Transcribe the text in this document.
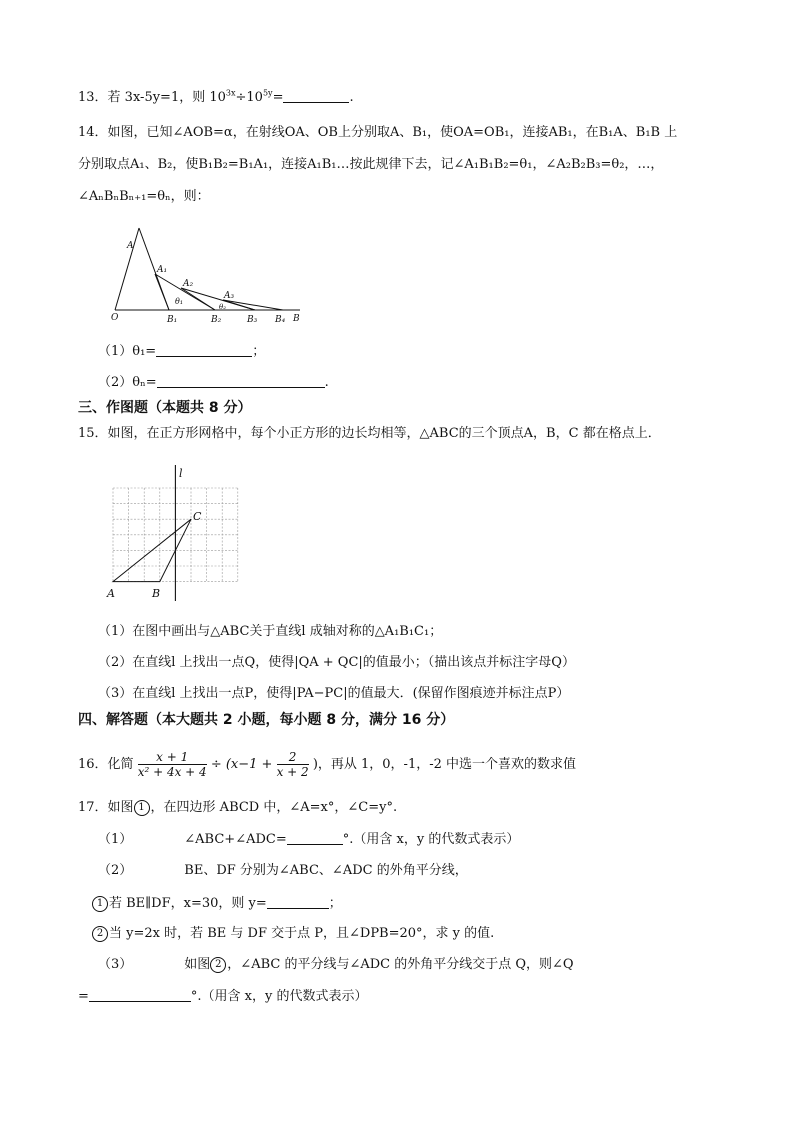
13．若 3x-5y=1，则 $10^{3x}\div 10^{5y}=$	.
14．如图，已知∠AOB=α，在射线OA、OB上分别取A、B₁，使OA=OB₁，连接AB₁，在B₁A、B₁B 上
分别取点A₁、B₂，使B₁B₂=B₁A₁，连接A₁B₁…按此规律下去，记∠A₁B₁B₂=θ₁，∠A₂B₂B₃=θ₂，…，
∠AₙBₙBₙ₊₁=θₙ，则：
A
A₁
A₂
A₃
θ₁
θ₂
O	B₁	B₂	B₃ B₄ B
（1）θ₁=	；
（2）θₙ=	.
三、作图题（本题共 8 分）
15．如图，在正方形网格中，每个小正方形的边长均相等，△ABC的三个顶点A，B，C 都在格点上．
l
A	B
C
（1）在图中画出与△ABC关于直线l 成轴对称的△A₁B₁C₁；
（2）在直线l 上找出一点Q，使得|QA + QC|的值最小；（描出该点并标注字母Q）
（3）在直线l 上找出一点P，使得|PA−PC|的值最大．(保留作图痕迹并标注点P）
四、解答题（本大题共 2 小题，每小题 8 分，满分 16 分）
16．化简 $\frac{x + 1}{\text{x² + 4x + 4}} \div (x-1 + \frac{2}{x + 2}$ )，再从 1，0，-1，-2 中选一个喜欢的数求值
17．如图 1 ，在四边形 ABCD 中，∠A=x°，∠C=y°.
（1）	∠ABC+∠ADC=	°.（用含 x，y 的代数式表示）
（2）	BE、DF 分别为∠ABC、∠ADC 的外角平分线，
1 若 BE∥DF，x=30，则 y=	；
2 当 y=2x 时，若 BE 与 DF 交于点 P，且∠DPB=20°，求 y 的值.
（3）	如图 2 ，∠ABC 的平分线与∠ADC 的外角平分线交于点 Q，则∠Q
=	°.（用含 x，y 的代数式表示）
